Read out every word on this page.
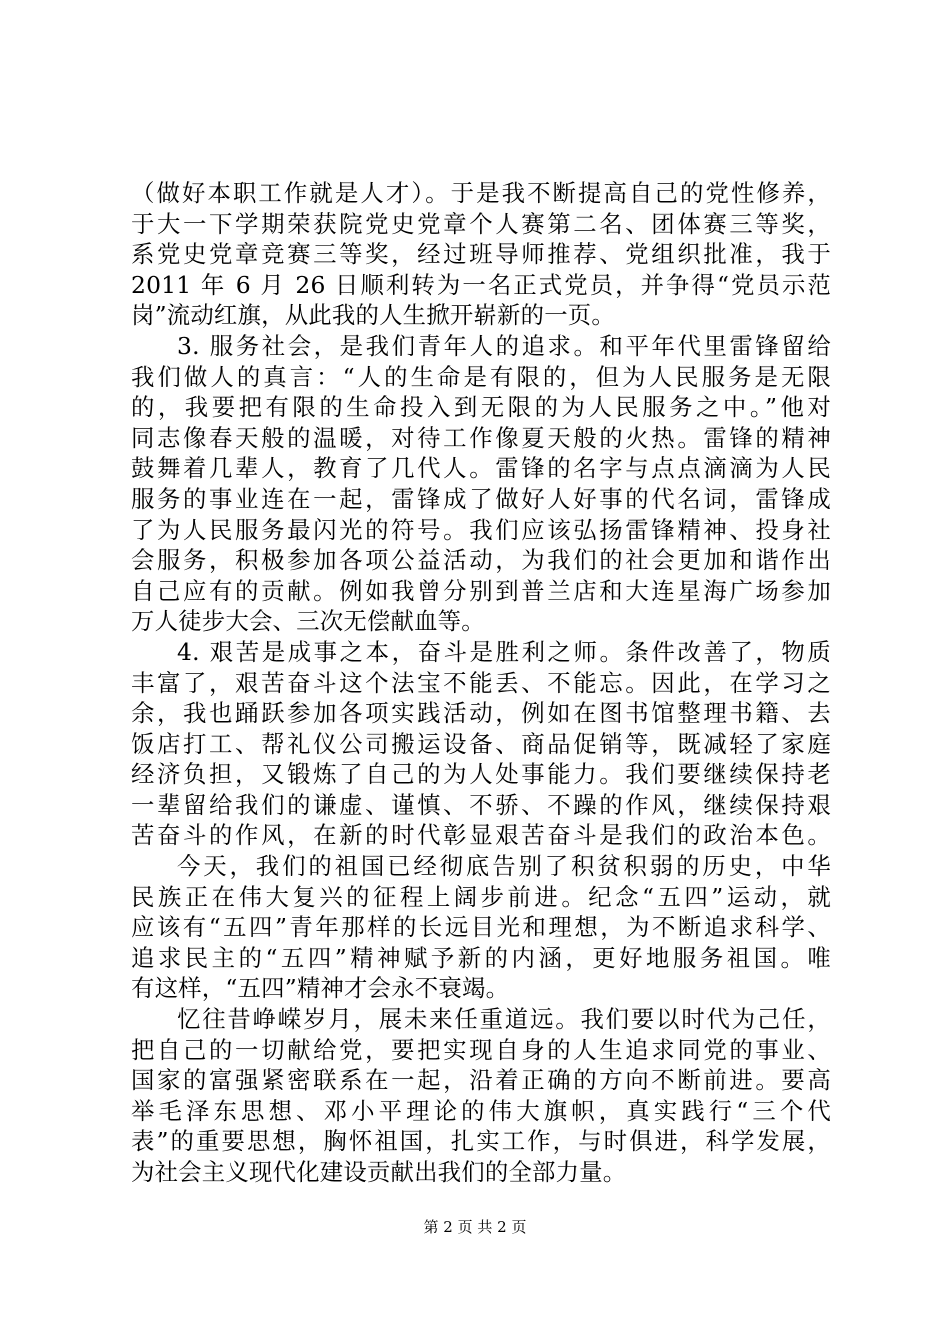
（做好本职工作就是人才）。于是我不断提高自己的党性修养，
于大一下学期荣获院党史党章个人赛第二名、团体赛三等奖，
系党史党章竞赛三等奖，经过班导师推荐、党组织批准，我于
2011 年 6 月 26 日顺利转为一名正式党员，并争得“党员示范
岗”流动红旗，从此我的人生掀开崭新的一页。
3. 服务社会，是我们青年人的追求。和平年代里雷锋留给
我们做人的真言：“人的生命是有限的，但为人民服务是无限
的，我要把有限的生命投入到无限的为人民服务之中。”他对
同志像春天般的温暖，对待工作像夏天般的火热。雷锋的精神
鼓舞着几辈人，教育了几代人。雷锋的名字与点点滴滴为人民
服务的事业连在一起，雷锋成了做好人好事的代名词，雷锋成
了为人民服务最闪光的符号。我们应该弘扬雷锋精神、投身社
会服务，积极参加各项公益活动，为我们的社会更加和谐作出
自己应有的贡献。例如我曾分别到普兰店和大连星海广场参加
万人徒步大会、三次无偿献血等。
4. 艰苦是成事之本，奋斗是胜利之师。条件改善了，物质
丰富了，艰苦奋斗这个法宝不能丢、不能忘。因此，在学习之
余，我也踊跃参加各项实践活动，例如在图书馆整理书籍、去
饭店打工、帮礼仪公司搬运设备、商品促销等，既减轻了家庭
经济负担，又锻炼了自己的为人处事能力。我们要继续保持老
一辈留给我们的谦虚、谨慎、不骄、不躁的作风，继续保持艰
苦奋斗的作风，在新的时代彰显艰苦奋斗是我们的政治本色。
今天，我们的祖国已经彻底告别了积贫积弱的历史，中华
民族正在伟大复兴的征程上阔步前进。纪念“五四”运动，就
应该有“五四”青年那样的长远目光和理想，为不断追求科学、
追求民主的“五四”精神赋予新的内涵，更好地服务祖国。唯
有这样，“五四”精神才会永不衰竭。
忆往昔峥嵘岁月，展未来任重道远。我们要以时代为己任，
把自己的一切献给党，要把实现自身的人生追求同党的事业、
国家的富强紧密联系在一起，沿着正确的方向不断前进。要高
举毛泽东思想、邓小平理论的伟大旗帜，真实践行“三个代
表”的重要思想，胸怀祖国，扎实工作，与时俱进，科学发展，
为社会主义现代化建设贡献出我们的全部力量。
第 2 页 共 2 页
